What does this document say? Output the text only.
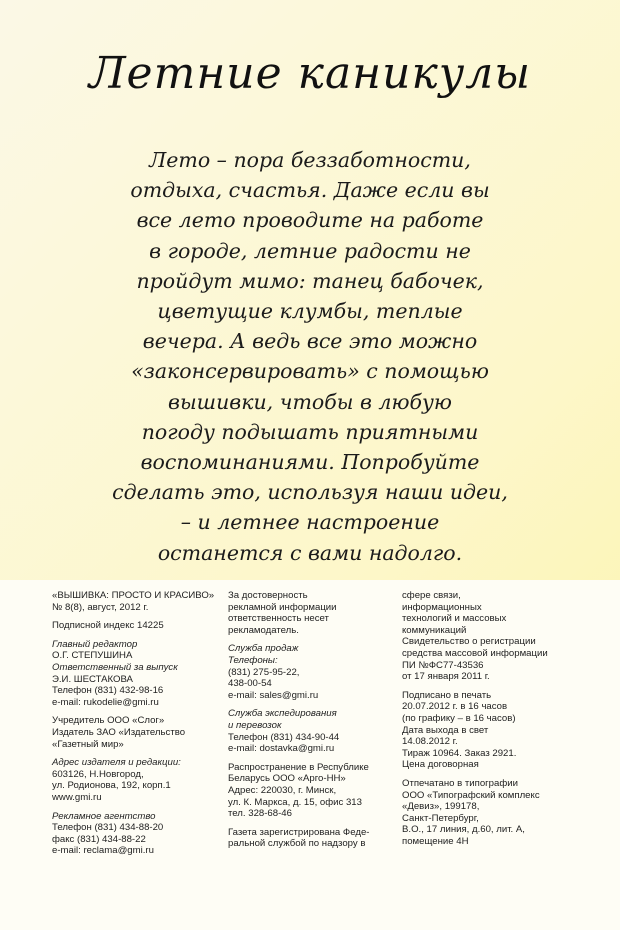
Летние каникулы
Лето – пора беззаботности,
отдыха, счастья. Даже если вы
все лето проводите на работе
в городе, летние радости не
пройдут мимо: танец бабочек,
цветущие клумбы, теплые
вечера. А ведь все это можно
«законсервировать» с помощью
вышивки, чтобы в любую
погоду подышать приятными
воспоминаниями. Попробуйте
сделать это, используя наши идеи,
– и летнее настроение
останется с вами надолго.
«ВЫШИВКА: ПРОСТО И КРАСИВО»
№ 8(8), август, 2012 г.
Подписной индекс 14225
Главный редактор
О.Г. СТЕПУШИНА
Ответственный за выпуск
Э.И. ШЕСТАКОВА
Телефон (831) 432-98-16
e-mail: rukodelie@gmi.ru
Учредитель ООО «Слог»
Издатель ЗАО «Издательство
«Газетный мир»
Адрес издателя и редакции:
603126, Н.Новгород,
ул. Родионова, 192, корп.1
www.gmi.ru
Рекламное агентство
Телефон (831) 434-88-20
факс (831) 434-88-22
e-mail: reclama@gmi.ru
За достоверность
рекламной информации
ответственность несет
рекламодатель.
Служба продаж
Телефоны:
(831) 275-95-22,
438-00-54
e-mail: sales@gmi.ru
Служба экспедирования
и перевозок
Телефон (831) 434-90-44
e-mail: dostavka@gmi.ru
Распространение в Республике
Беларусь ООО «Арго-НН»
Адрес: 220030, г. Минск,
ул. К. Маркса, д. 15, офис 313
тел. 328-68-46
Газета зарегистрирована Феде-
ральной службой по надзору в
сфере связи,
информационных
технологий и массовых
коммуникаций
Свидетельство о регистрации
средства массовой информации
ПИ №ФС77-43536
от 17 января 2011 г.
Подписано в печать
20.07.2012 г. в 16 часов
(по графику – в 16 часов)
Дата выхода в свет
14.08.2012 г.
Тираж 10964. Заказ 2921.
Цена договорная
Отпечатано в типографии
ООО «Типографский комплекс
«Девиз», 199178,
Санкт-Петербург,
В.О., 17 линия, д.60, лит. А,
помещение 4Н
